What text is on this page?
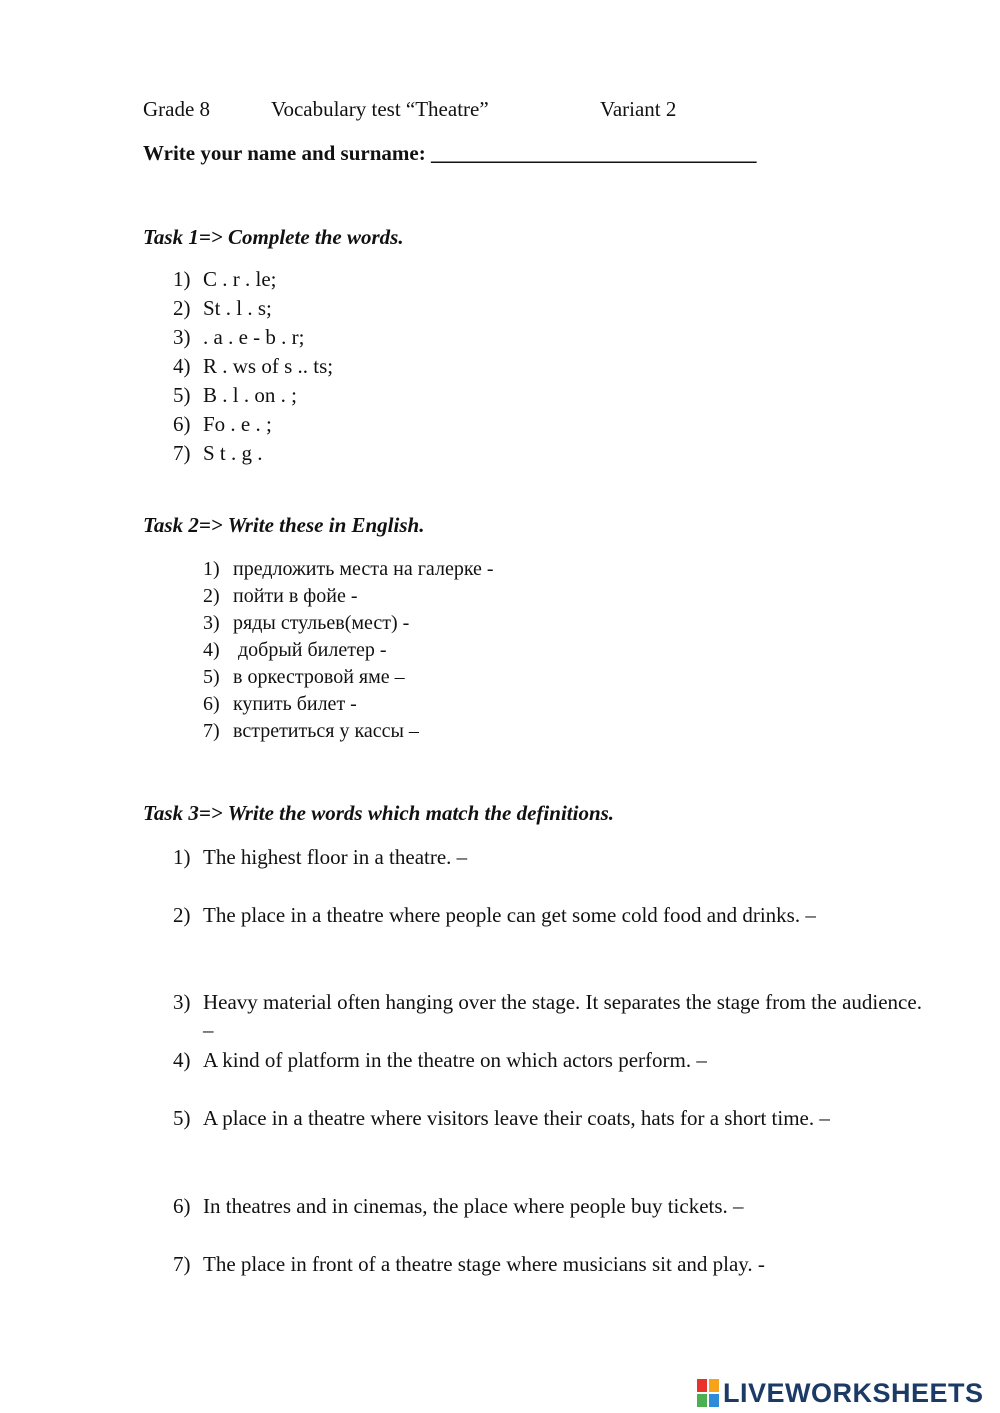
Grade 8	Vocabulary test “Theatre”	Variant 2
Write your name and surname: _______________________________
Task 1=> Complete the words.
1) C . r . le;
2) St . l . s;
3) . a . e - b . r;
4) R . ws of s .. ts;
5) B . l . on . ;
6) Fo . e . ;
7) S t . g .
Task 2=> Write these in English.
1) предложить места на галерке -
2) пойти в фойе -
3) ряды стульев(мест) -
4) добрый билетер -
5) в оркестровой яме –
6) купить билет -
7) встретиться у кассы –
Task 3=> Write the words which match the definitions.
1) The highest floor in a theatre. –
2) The place in a theatre where people can get some cold food and drinks. –
3) Heavy material often hanging over the stage. It separates the stage from the audience. –
4) A kind of platform in the theatre on which actors perform. –
5) A place in a theatre where visitors leave their coats, hats for a short time. –
6) In theatres and in cinemas, the place where people buy tickets. –
7) The place in front of a theatre stage where musicians sit and play. -
LIVEWORKSHEETS
